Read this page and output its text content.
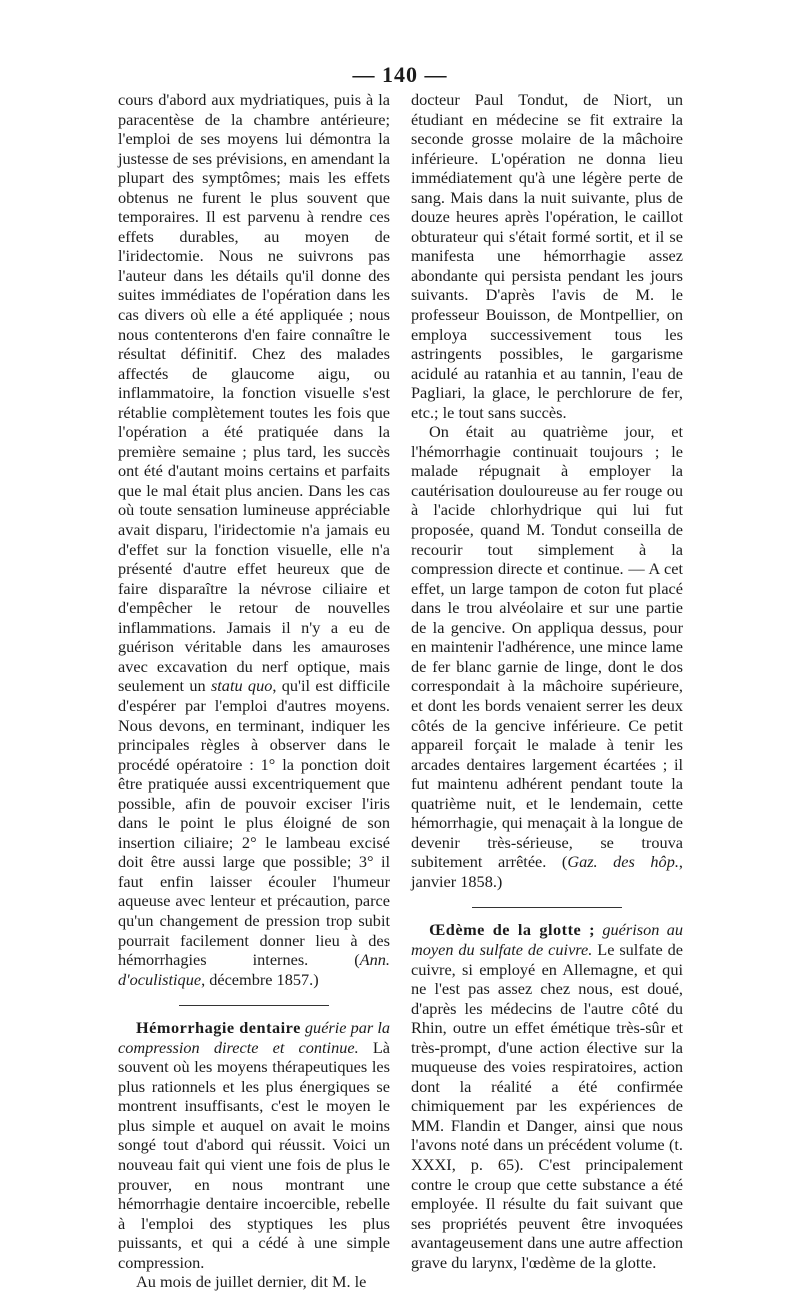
— 140 —

cours d'abord aux mydriatiques, puis à la paracentèse de la chambre antérieure; l'emploi de ses moyens lui démontra la justesse de ses prévisions, en amendant la plupart des symptômes; mais les effets obtenus ne furent le plus souvent que temporaires. Il est parvenu à rendre ces effets durables, au moyen de l'iridectomie. Nous ne suivrons pas l'auteur dans les détails qu'il donne des suites immédiates de l'opération dans les cas divers où elle a été appliquée ; nous nous contenterons d'en faire connaître le résultat définitif. Chez des malades affectés de glaucome aigu, ou inflammatoire, la fonction visuelle s'est rétablie complètement toutes les fois que l'opération a été pratiquée dans la première semaine ; plus tard, les succès ont été d'autant moins certains et parfaits que le mal était plus ancien. Dans les cas où toute sensation lumineuse appréciable avait disparu, l'iridectomie n'a jamais eu d'effet sur la fonction visuelle, elle n'a présenté d'autre effet heureux que de faire disparaître la névrose ciliaire et d'empêcher le retour de nouvelles inflammations. Jamais il n'y a eu de guérison véritable dans les amauroses avec excavation du nerf optique, mais seulement un statu quo, qu'il est difficile d'espérer par l'emploi d'autres moyens. Nous devons, en terminant, indiquer les principales règles à observer dans le procédé opératoire : 1° la ponction doit être pratiquée aussi excentriquement que possible, afin de pouvoir exciser l'iris dans le point le plus éloigné de son insertion ciliaire; 2° le lambeau excisé doit être aussi large que possible; 3° il faut enfin laisser écouler l'humeur aqueuse avec lenteur et précaution, parce qu'un changement de pression trop subit pourrait facilement donner lieu à des hémorrhagies internes. (Ann. d'oculistique, décembre 1857.)

Hémorrhagie dentaire guérie par la compression directe et continue. Là souvent où les moyens thérapeutiques les plus rationnels et les plus énergiques se montrent insuffisants, c'est le moyen le plus simple et auquel on avait le moins songé tout d'abord qui réussit. Voici un nouveau fait qui vient une fois de plus le prouver, en nous montrant une hémorrhagie dentaire incoercible, rebelle à l'emploi des styptiques les plus puissants, et qui a cédé à une simple compression.

Au mois de juillet dernier, dit M. le

docteur Paul Tondut, de Niort, un étudiant en médecine se fit extraire la seconde grosse molaire de la mâchoire inférieure. L'opération ne donna lieu immédiatement qu'à une légère perte de sang. Mais dans la nuit suivante, plus de douze heures après l'opération, le caillot obturateur qui s'était formé sortit, et il se manifesta une hémorrhagie assez abondante qui persista pendant les jours suivants. D'après l'avis de M. le professeur Bouisson, de Montpellier, on employa successivement tous les astringents possibles, le gargarisme acidulé au ratanhia et au tannin, l'eau de Pagliari, la glace, le perchlorure de fer, etc.; le tout sans succès.

On était au quatrième jour, et l'hémorrhagie continuait toujours ; le malade répugnait à employer la cautérisation douloureuse au fer rouge ou à l'acide chlorhydrique qui lui fut proposée, quand M. Tondut conseilla de recourir tout simplement à la compression directe et continue. — A cet effet, un large tampon de coton fut placé dans le trou alvéolaire et sur une partie de la gencive. On appliqua dessus, pour en maintenir l'adhérence, une mince lame de fer blanc garnie de linge, dont le dos correspondait à la mâchoire supérieure, et dont les bords venaient serrer les deux côtés de la gencive inférieure. Ce petit appareil forçait le malade à tenir les arcades dentaires largement écartées ; il fut maintenu adhérent pendant toute la quatrième nuit, et le lendemain, cette hémorrhagie, qui menaçait à la longue de devenir très-sérieuse, se trouva subitement arrêtée. (Gaz. des hôp., janvier 1858.)

Œdème de la glotte ; guérison au moyen du sulfate de cuivre. Le sulfate de cuivre, si employé en Allemagne, et qui ne l'est pas assez chez nous, est doué, d'après les médecins de l'autre côté du Rhin, outre un effet émétique très-sûr et très-prompt, d'une action élective sur la muqueuse des voies respiratoires, action dont la réalité a été confirmée chimiquement par les expériences de MM. Flandin et Danger, ainsi que nous l'avons noté dans un précédent volume (t. XXXI, p. 65). C'est principalement contre le croup que cette substance a été employée. Il résulte du fait suivant que ses propriétés peuvent être invoquées avantageusement dans une autre affection grave du larynx, l'œdème de la glotte.
